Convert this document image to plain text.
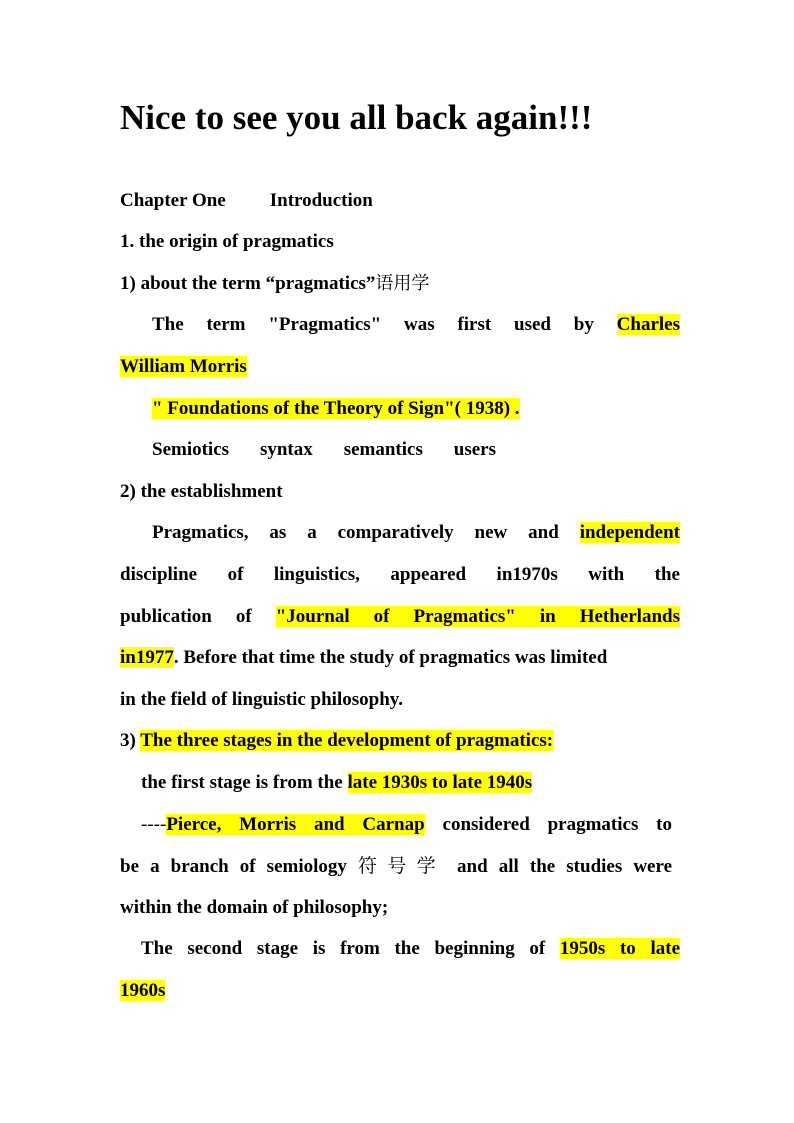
Nice to see you all back again!!!
Chapter One Introduction
1. the origin of pragmatics
1) about the term “pragmatics”语用学
The term "Pragmatics" was first used by Charles
William Morris
" Foundations of the Theory of Sign"( 1938) .
Semiotics syntax semantics users
2) the establishment
Pragmatics, as a comparatively new and independent
discipline of linguistics, appeared in1970s with the
publication of "Journal of Pragmatics" in Hetherlands
in1977. Before that time the study of pragmatics was limited
in the field of linguistic philosophy.
3) The three stages in the development of pragmatics:
the first stage is from the late 1930s to late 1940s
----Pierce, Morris and Carnap considered pragmatics to
be a branch of semiology 符号学 and all the studies were
within the domain of philosophy;
The second stage is from the beginning of 1950s to late
1960s
